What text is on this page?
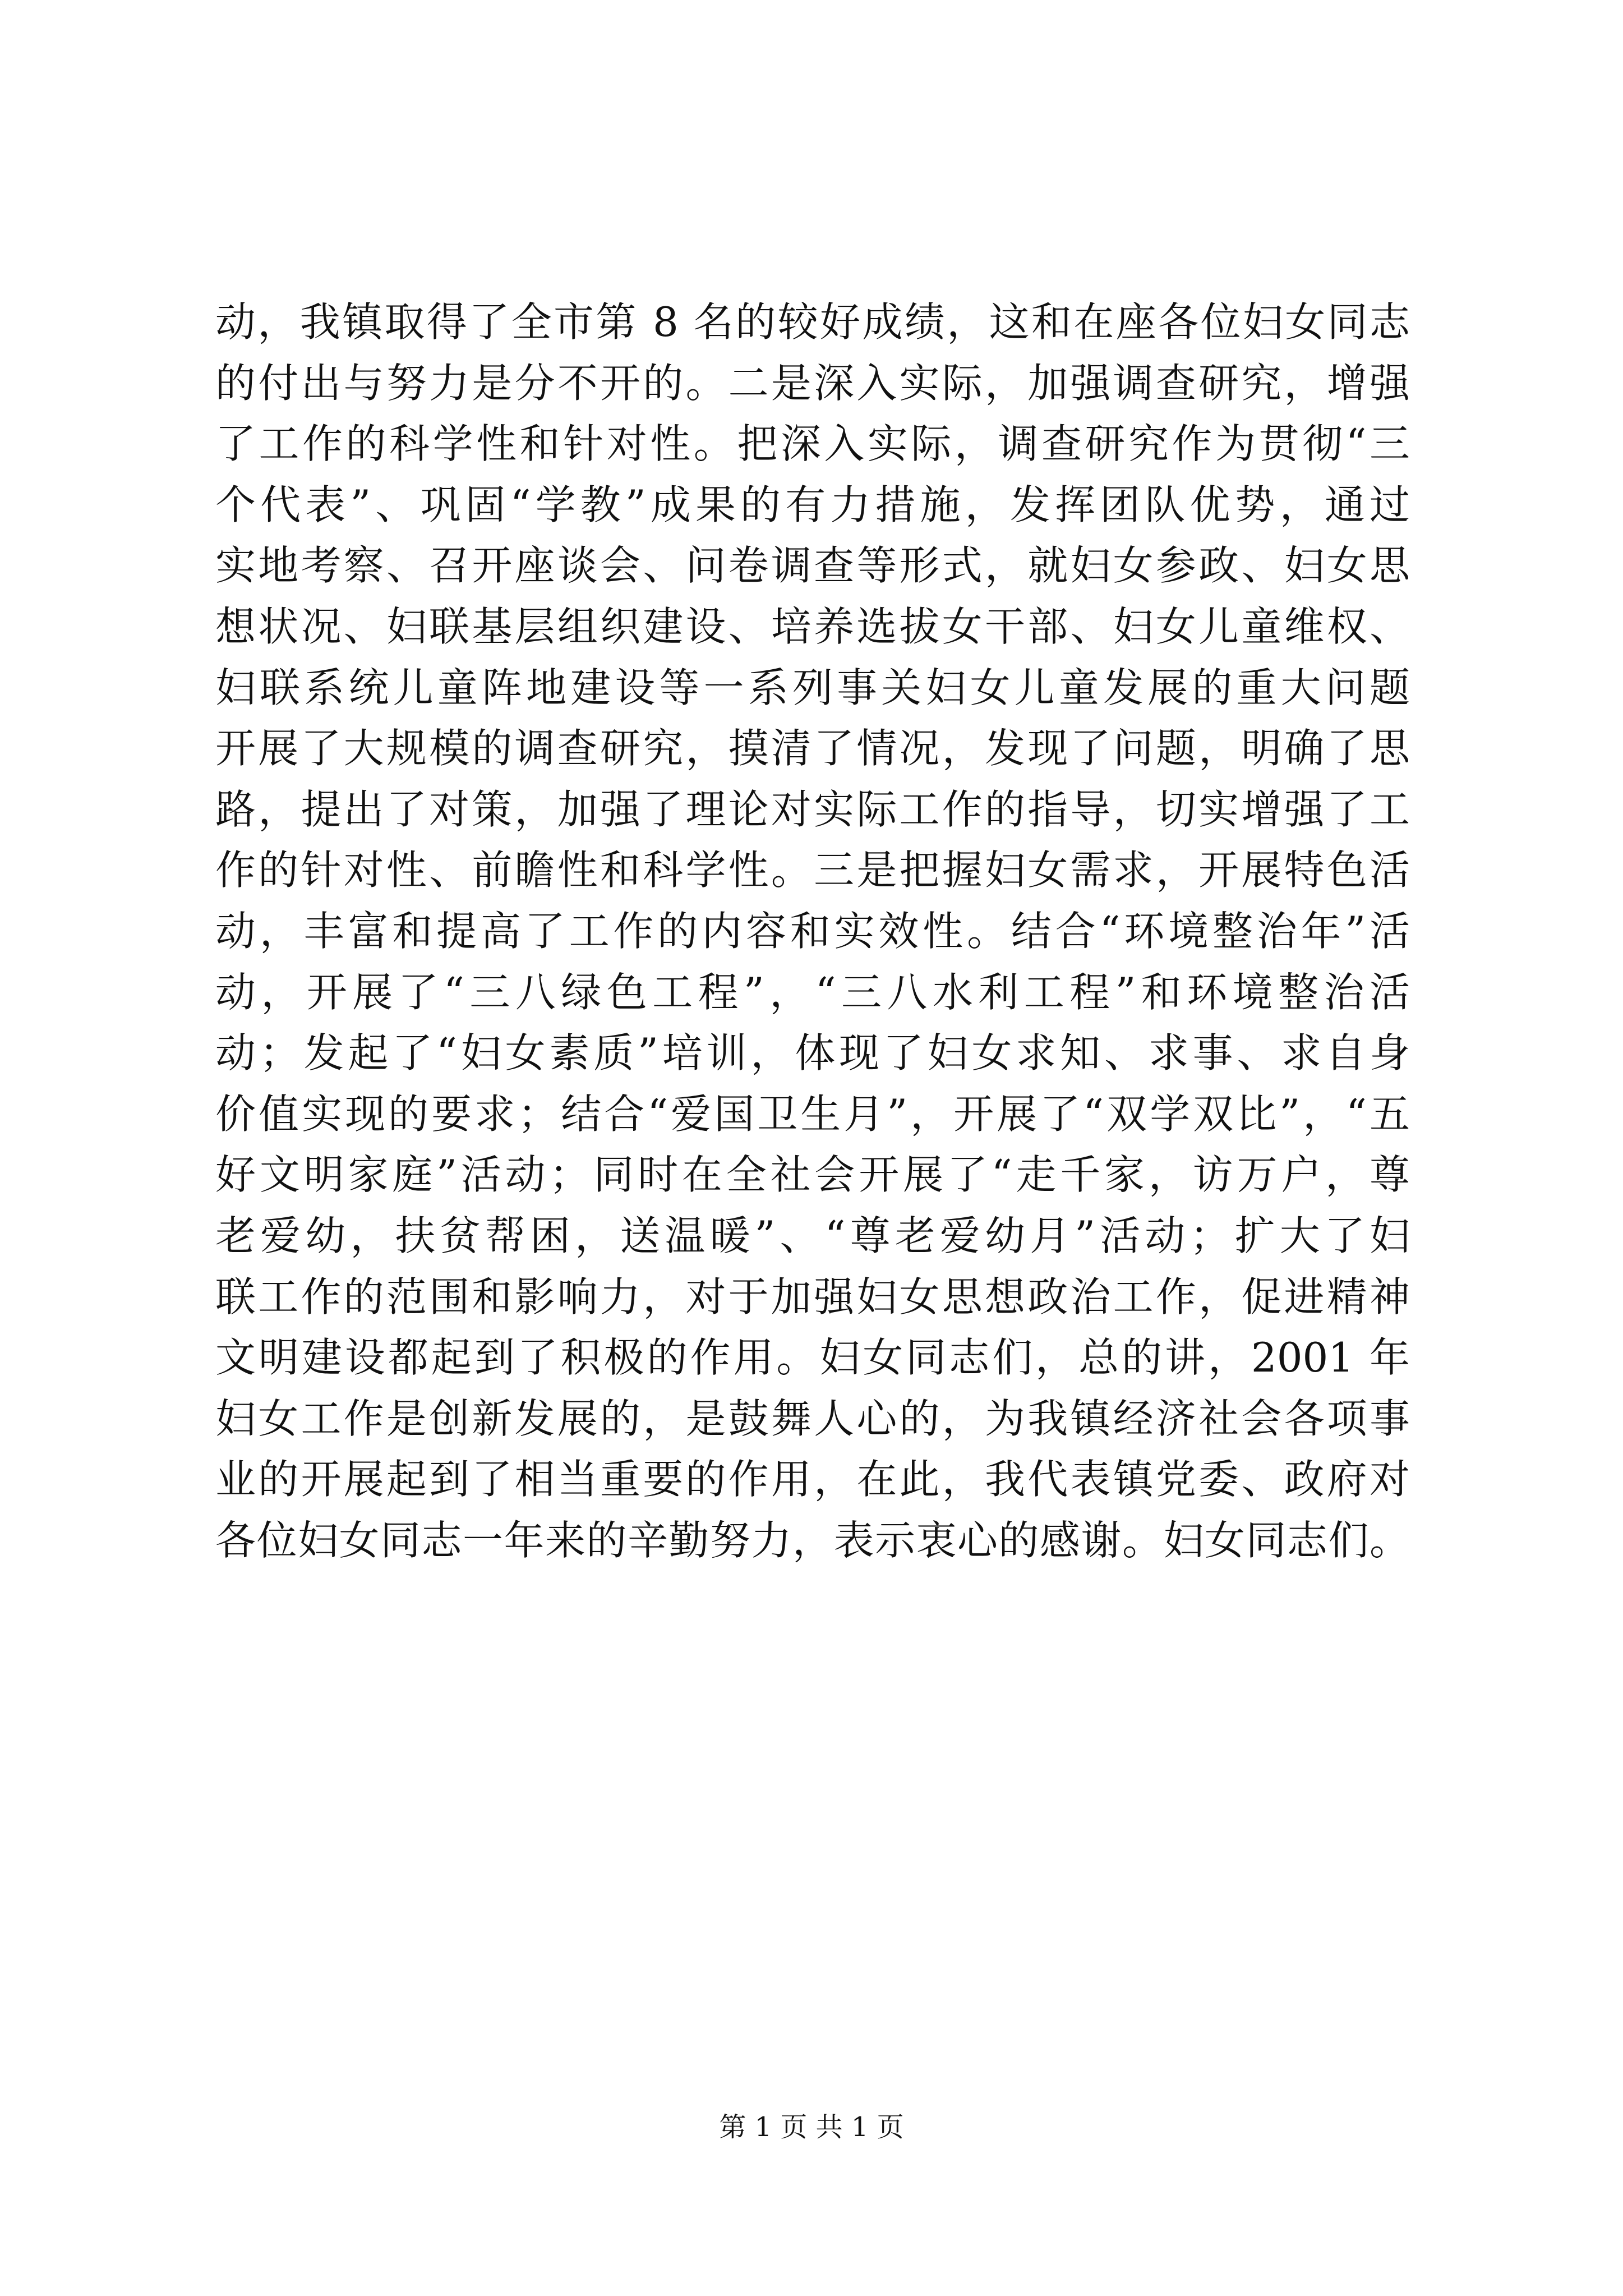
动，我镇取得了全市第 8 名的较好成绩，这和在座各位妇女同志
的付出与努力是分不开的。二是深入实际，加强调查研究，增强
了工作的科学性和针对性。把深入实际，调查研究作为贯彻“三
个代表”、巩固“学教”成果的有力措施，发挥团队优势，通过
实地考察、召开座谈会、问卷调查等形式，就妇女参政、妇女思
想状况、妇联基层组织建设、培养选拔女干部、妇女儿童维权、
妇联系统儿童阵地建设等一系列事关妇女儿童发展的重大问题
开展了大规模的调查研究，摸清了情况，发现了问题，明确了思
路，提出了对策，加强了理论对实际工作的指导，切实增强了工
作的针对性、前瞻性和科学性。三是把握妇女需求，开展特色活
动，丰富和提高了工作的内容和实效性。结合“环境整治年”活
动，开展了“三八绿色工程”，“三八水利工程”和环境整治活
动；发起了“妇女素质”培训，体现了妇女求知、求事、求自身
价值实现的要求；结合“爱国卫生月”，开展了“双学双比”，“五
好文明家庭”活动；同时在全社会开展了“走千家，访万户，尊
老爱幼，扶贫帮困，送温暖”、“尊老爱幼月”活动；扩大了妇
联工作的范围和影响力，对于加强妇女思想政治工作，促进精神
文明建设都起到了积极的作用。妇女同志们，总的讲，2001 年
妇女工作是创新发展的，是鼓舞人心的，为我镇经济社会各项事
业的开展起到了相当重要的作用，在此，我代表镇党委、政府对
各位妇女同志一年来的辛勤努力，表示衷心的感谢。妇女同志们。
第 1 页 共 1 页
